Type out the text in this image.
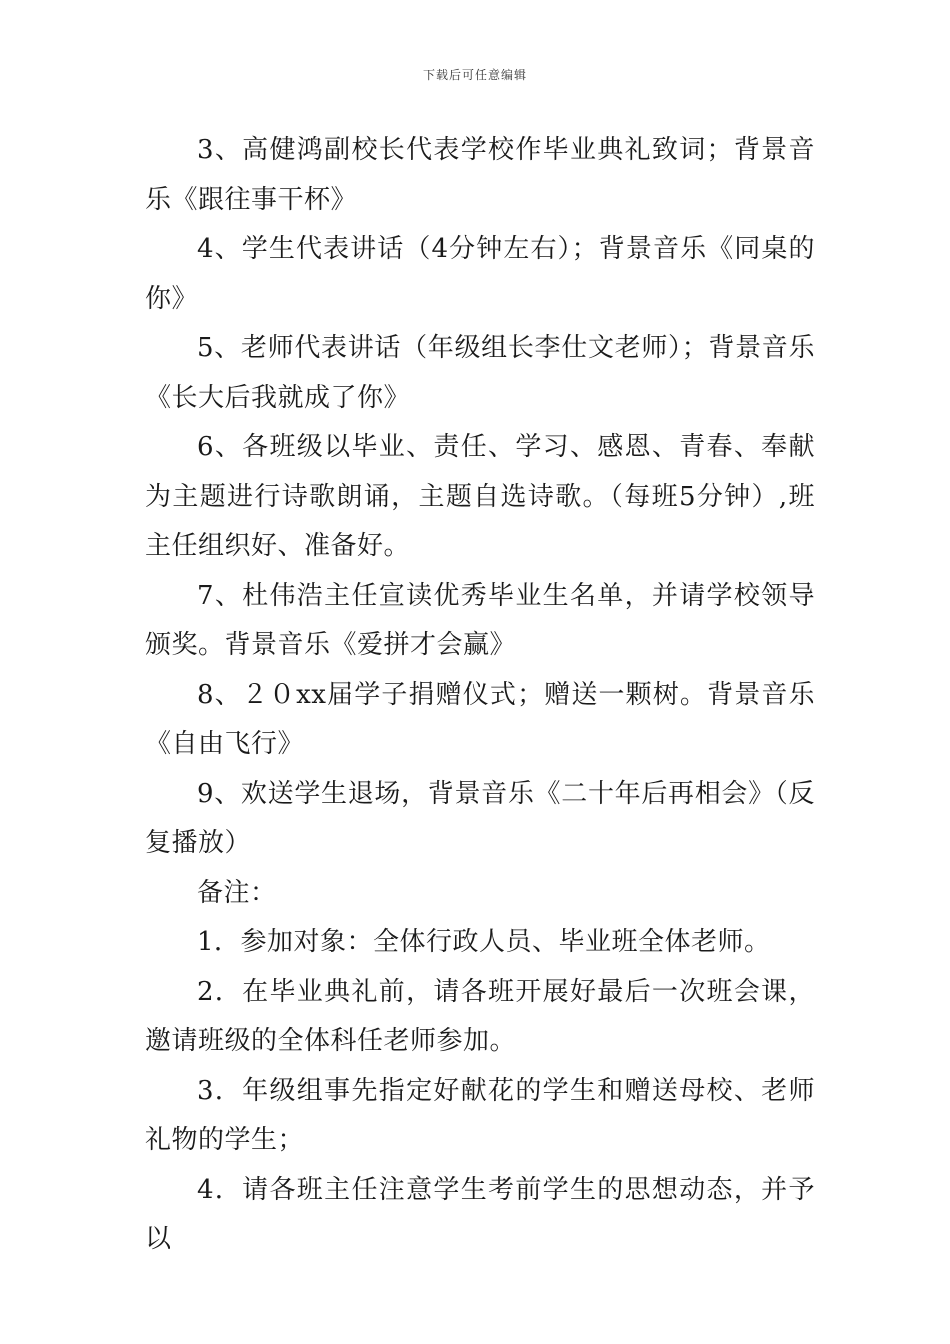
下载后可任意编辑

3、高健鸿副校长代表学校作毕业典礼致词；背景音乐《跟往事干杯》

4、学生代表讲话（4分钟左右）；背景音乐《同桌的你》

5、老师代表讲话（年级组长李仕文老师）；背景音乐《长大后我就成了你》

6、各班级以毕业、责任、学习、感恩、青春、奉献为主题进行诗歌朗诵，主题自选诗歌。（每班5分钟）,班主任组织好、准备好。

7、杜伟浩主任宣读优秀毕业生名单，并请学校领导颁奖。背景音乐《爱拼才会赢》

8、２０xx届学子捐赠仪式；赠送一颗树。背景音乐《自由飞行》

9、欢送学生退场，背景音乐《二十年后再相会》（反复播放）

备注：

1．参加对象：全体行政人员、毕业班全体老师。

2．在毕业典礼前，请各班开展好最后一次班会课，邀请班级的全体科任老师参加。

3．年级组事先指定好献花的学生和赠送母校、老师礼物的学生；

4．请各班主任注意学生考前学生的思想动态，并予以
